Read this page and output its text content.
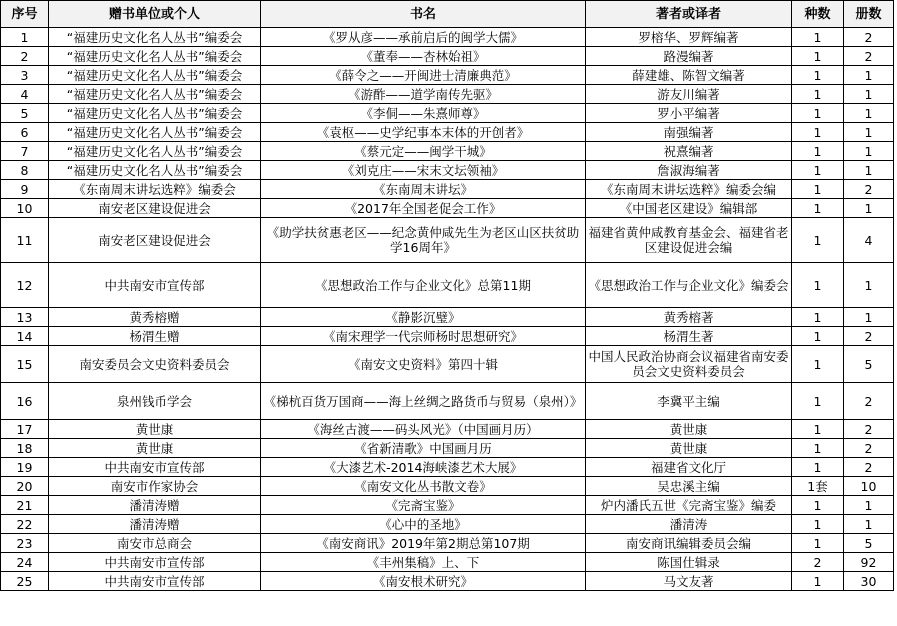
序号	赠书单位或个人	书名	著者或译者	种数	册数
1	“福建历史文化名人丛书”编委会	《罗从彦——承前启后的闽学大儒》	罗榕华、罗辉编著	1	2
2	“福建历史文化名人丛书”编委会	《董奉——杏林始祖》	路漫编著	1	2
3	“福建历史文化名人丛书”编委会	《薛令之——开闽进士清廉典范》	薛建雄、陈智文编著	1	1
4	“福建历史文化名人丛书”编委会	《游酢——道学南传先驱》	游友川编著	1	1
5	“福建历史文化名人丛书”编委会	《李侗——朱熹师尊》	罗小平编著	1	1
6	“福建历史文化名人丛书”编委会	《袁枢——史学纪事本末体的开创者》	南强编著	1	1
7	“福建历史文化名人丛书”编委会	《蔡元定——闽学干城》	祝熹编著	1	1
8	“福建历史文化名人丛书”编委会	《刘克庄——宋末文坛领袖》	詹淑海编著	1	1
9	《东南周末讲坛选粹》编委会	《东南周末讲坛》	《东南周末讲坛选粹》编委会编	1	2
10	南安老区建设促进会	《2017年全国老促会工作》	《中国老区建设》编辑部	1	1
11	南安老区建设促进会	《助学扶贫惠老区——纪念黄仲咸先生为老区山区扶贫助学16周年》	福建省黄仲咸教育基金会、福建省老区建设促进会编	1	4
12	中共南安市宣传部	《思想政治工作与企业文化》总第11期	《思想政治工作与企业文化》编委会	1	1
13	黄秀榕赠	《静影沉璧》	黄秀榕著	1	1
14	杨渭生赠	《南宋理学一代宗师杨时思想研究》	杨渭生著	1	2
15	南安委员会文史资料委员会	《南安文史资料》第四十辑	中国人民政治协商会议福建省南安委员会文史资料委员会	1	5
16	泉州钱币学会	《梯杭百货万国商——海上丝绸之路货币与贸易（泉州）》	李冀平主编	1	2
17	黄世康	《海丝古渡——码头风光》（中国画月历）	黄世康	1	2
18	黄世康	《省新清歌》中国画月历	黄世康	1	2
19	中共南安市宣传部	《大漆艺术-2014海峡漆艺术大展》	福建省文化厅	1	2
20	南安市作家协会	《南安文化丛书散文卷》	吴忠溪主编	1套	10
21	潘清涛赠	《完斋宝鉴》	炉内潘氏五世《完斋宝鉴》编委	1	1
22	潘清涛赠	《心中的圣地》	潘清涛	1	1
23	南安市总商会	《南安商讯》2019年第2期总第107期	南安商讯编辑委员会编	1	5
24	中共南安市宣传部	《丰州集稿》上、下	陈国仕辑录	2	92
25	中共南安市宣传部	《南安根术研究》	马文友著	1	30
